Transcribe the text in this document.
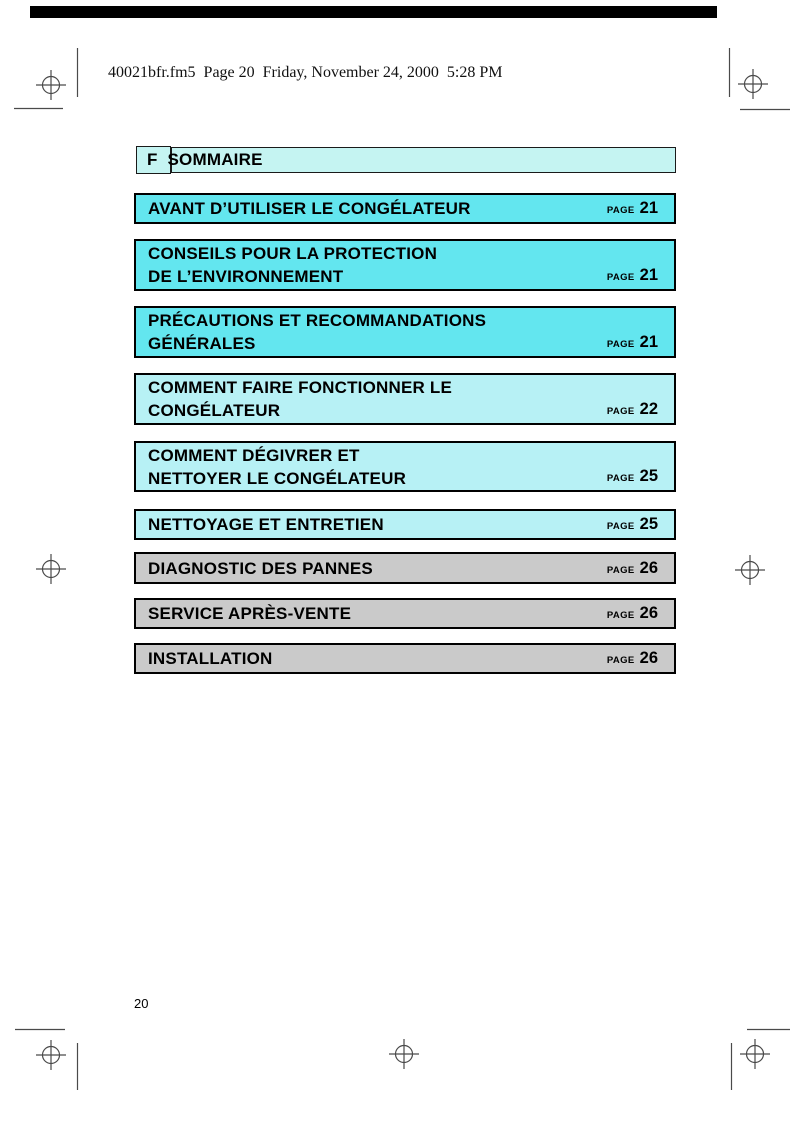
40021bfr.fm5  Page 20  Friday, November 24, 2000  5:28 PM
F SOMMAIRE
AVANT D’UTILISER LE CONGÉLATEUR	PAGE 21
CONSEILS POUR LA PROTECTION
DE L’ENVIRONNEMENT	PAGE 21
PRÉCAUTIONS ET RECOMMANDATIONS
GÉNÉRALES	PAGE 21
COMMENT FAIRE FONCTIONNER LE
CONGÉLATEUR	PAGE 22
COMMENT DÉGIVRER ET
NETTOYER LE CONGÉLATEUR	PAGE 25
NETTOYAGE ET ENTRETIEN	PAGE 25
DIAGNOSTIC DES PANNES	PAGE 26
SERVICE APRÈS-VENTE	PAGE 26
INSTALLATION	PAGE 26
20
